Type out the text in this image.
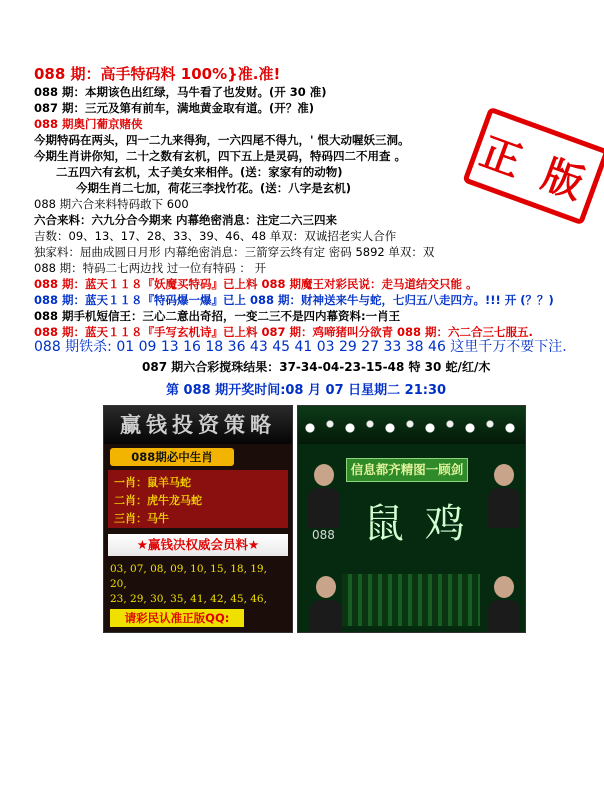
088 期：高手特码料 100%}准.准!
088 期：本期该色出红绿，马牛看了也发财。(开 30 准)
087 期：三元及第有前车，满地黄金取有道。(开？准)
088 期奥门葡京赌侠
今期特码在两头，四一二九来得狗，一六四尾不得九，' 恨大动喔妖三洞。
今期生肖讲你知，二十之数有玄机，四下五上是灵码，特码四二不用查 。
二五四六有玄机，太子美女来相伴。(送：家家有的动物)
今期生肖二七加，荷花三李找竹花。(送：八字是玄机)
088 期六合来料特码敢下 600
六合来料：六九分合今期来 内幕绝密消息：注定二六三四来
吉数：09、13、17、28、33、39、46、48 单双：双诚招老实人合作
独家料：屈曲成圆日月形 内幕绝密消息：三箭穿云终有定 密码 5892 单双：双
088 期：特码二七两边找 过一位有特码 ： 开
088 期：蓝天１１８『妖魔买特码』已上料 088 期魔王对彩民说：走马道结交只能 。
088 期：蓝天１１８『特码爆一爆』已上 088 期：财神送来牛与蛇，七归五八走四方。!!! 开 (？？)
088 期手机短信王：三心二意出奇招，一变二三不是四内幕资料:一肖王
088 期：蓝天１１８『手写玄机诗』已上料 087 期：鸡啼猪叫分欲青 088 期：六二合三七服五.
正 版
088 期铁杀: 01 09 13 16 18 36 43 45 41 03 29 27 33 38 46 这里千万不要下注.
087 期六合彩搅珠结果：37-34-04-23-15-48 特 30 蛇/红/木
第 088 期开奖时间:08 月 07 日星期二 21:30
赢钱投资策略
088期必中生肖
一肖：鼠羊马蛇
二肖：虎牛龙马蛇
三肖：马牛
★赢钱决权威会员料★
03, 07, 08, 09, 10, 15, 18, 19, 20,
23, 29, 30, 35, 41, 42, 45, 46,
请彩民认准正版QQ:
信息都齐精图一顾剑
鼠 鸡
088
